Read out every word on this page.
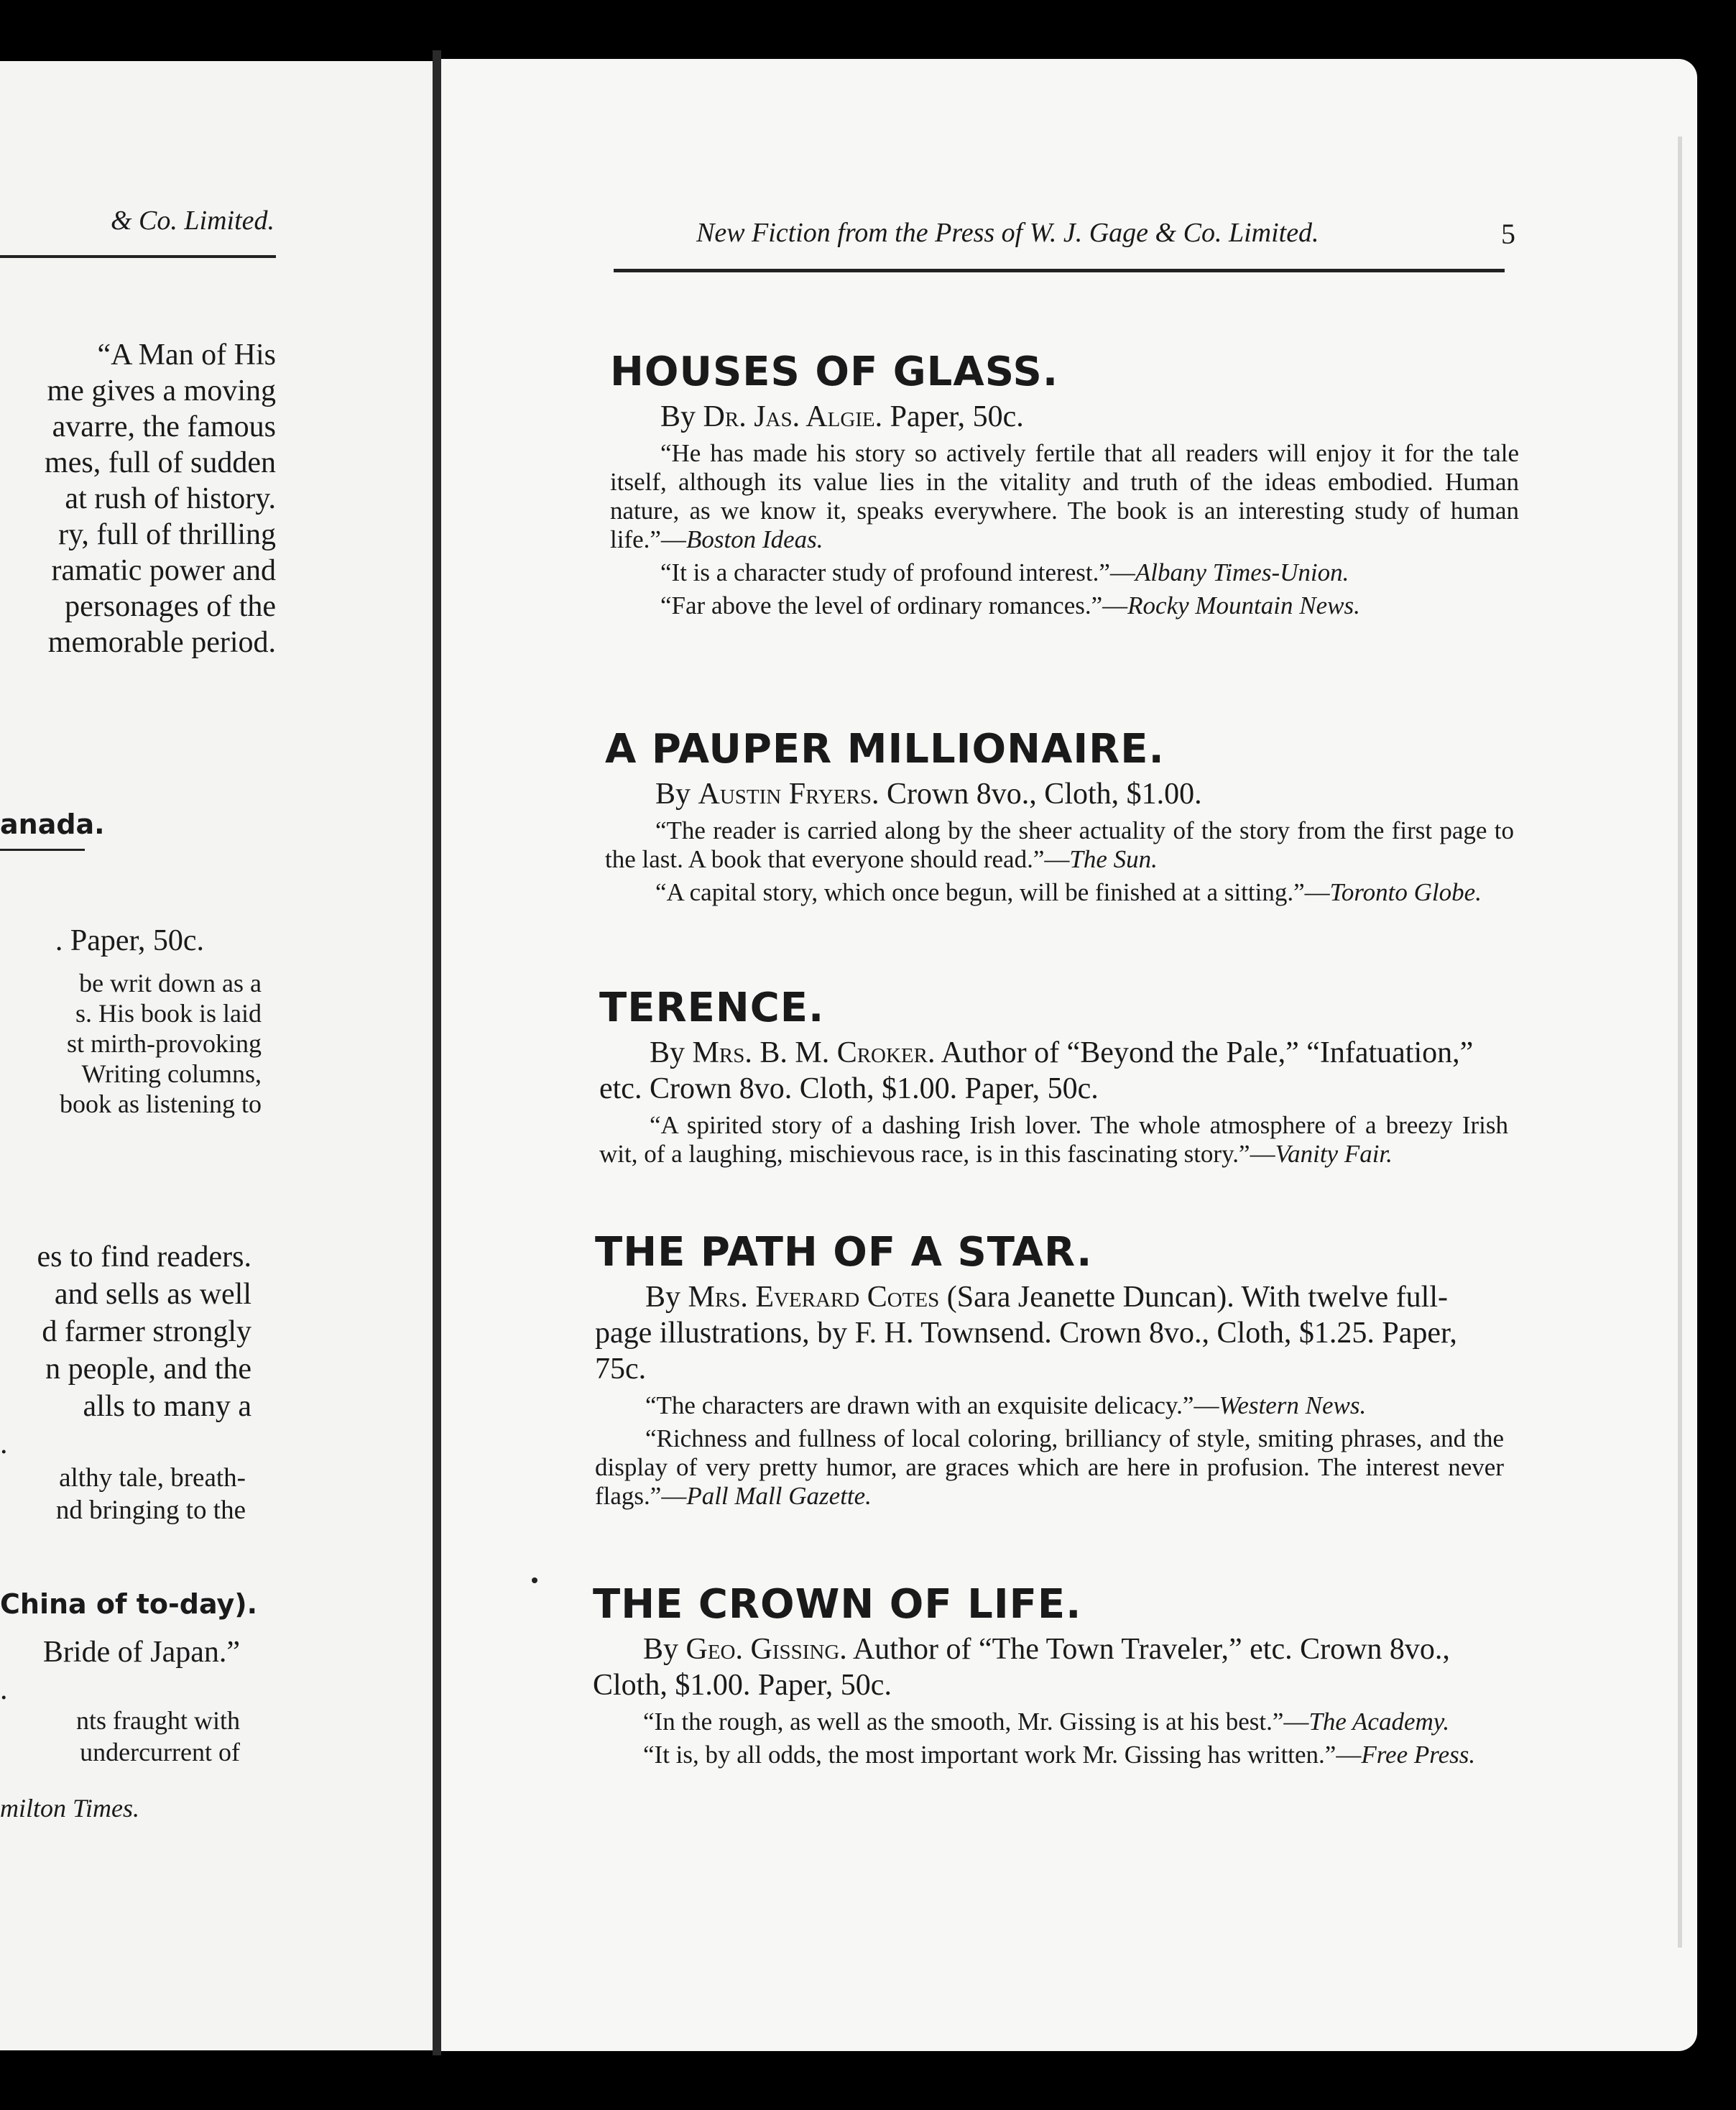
& Co. Limited.
“A Man of His
me gives a moving
avarre, the famous
mes, full of sudden
at rush of history.
ry, full of thrilling
ramatic power and
personages of the
memorable period.
anada.
. Paper, 50c.
be writ down as a
s. His book is laid
st mirth-provoking
Writing columns,
book as listening to
es to find readers.
and sells as well
d farmer strongly
n people, and the
alls to many a
.
althy tale, breath-
nd bringing to the
China of to-day).
Bride of Japan.”
.
nts fraught with
undercurrent of
milton Times.
New Fiction from the Press of W. J. Gage & Co. Limited.	5
HOUSES OF GLASS.
By Dr. Jas. Algie. Paper, 50c.
“He has made his story so actively fertile that all readers will enjoy it for the tale itself, although its value lies in the vitality and truth of the ideas embodied. Human nature, as we know it, speaks everywhere. The book is an interesting study of human life.”—Boston Ideas.
“It is a character study of profound interest.”—Albany Times-Union.
“Far above the level of ordinary romances.”—Rocky Mountain News.
A PAUPER MILLIONAIRE.
By Austin Fryers. Crown 8vo., Cloth, $1.00.
“The reader is carried along by the sheer actuality of the story from the first page to the last. A book that everyone should read.”—The Sun.
“A capital story, which once begun, will be finished at a sitting.”—Toronto Globe.
TERENCE.
By Mrs. B. M. Croker. Author of “Beyond the Pale,” “Infatuation,” etc. Crown 8vo. Cloth, $1.00. Paper, 50c.
“A spirited story of a dashing Irish lover. The whole atmosphere of a breezy Irish wit, of a laughing, mischievous race, is in this fascinating story.”—Vanity Fair.
THE PATH OF A STAR.
By Mrs. Everard Cotes (Sara Jeanette Duncan). With twelve full-page illustrations, by F. H. Townsend. Crown 8vo., Cloth, $1.25. Paper, 75c.
“The characters are drawn with an exquisite delicacy.”—Western News.
“Richness and fullness of local coloring, brilliancy of style, smiting phrases, and the display of very pretty humor, are graces which are here in profusion. The interest never flags.”—Pall Mall Gazette.
THE CROWN OF LIFE.
By Geo. Gissing. Author of “The Town Traveler,” etc. Crown 8vo., Cloth, $1.00. Paper, 50c.
“In the rough, as well as the smooth, Mr. Gissing is at his best.”—The Academy.
“It is, by all odds, the most important work Mr. Gissing has written.”—Free Press.
